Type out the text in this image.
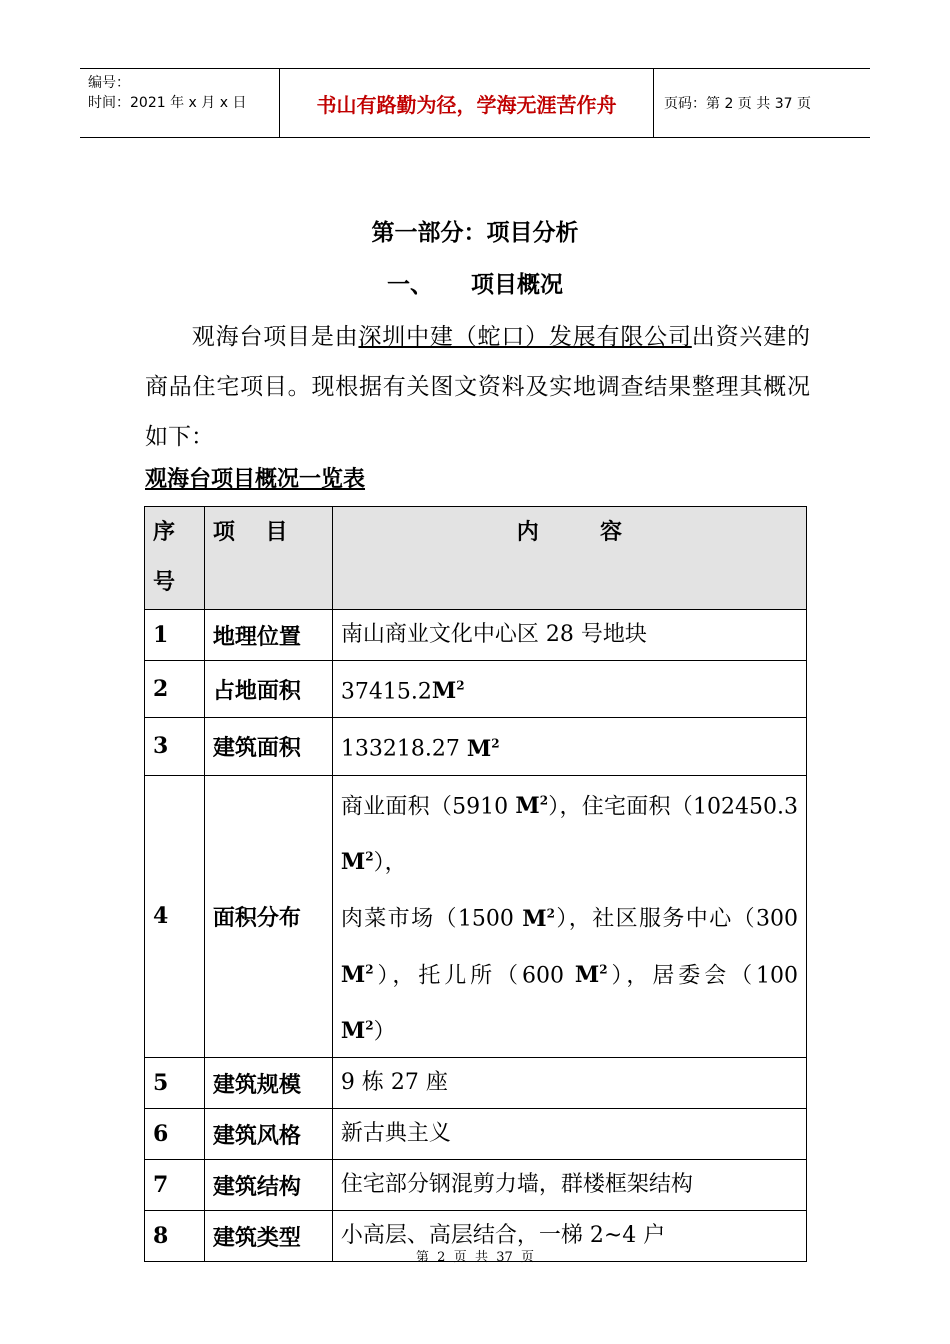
编号：
时间：2021 年 x 月 x 日	书山有路勤为径，学海无涯苦作舟	页码：第 2 页 共 37 页
第一部分：项目分析
一、 项目概况
观海台项目是由深圳中建（蛇口）发展有限公司出资兴建的商品住宅项目。现根据有关图文资料及实地调查结果整理其概况如下：
观海台项目概况一览表
序号	项    目	内        容
1	地理位置	南山商业文化中心区 28 号地块
2	占地面积	$37415.2M^2$
3	建筑面积	133218.27 $M^2$
4	面积分布	商业面积（5910 $M^2$），住宅面积（102450.3 $M^2$），
肉菜市场（1500 $M^2$），社区服务中心（300 $M^2$），托儿所（600 $M^2$），居委会（100 $M^2$）
5	建筑规模	9 栋 27 座
6	建筑风格	新古典主义
7	建筑结构	住宅部分钢混剪力墙，群楼框架结构
8	建筑类型	小高层、高层结合，一梯 2~4 户
第  2  页  共  37  页
